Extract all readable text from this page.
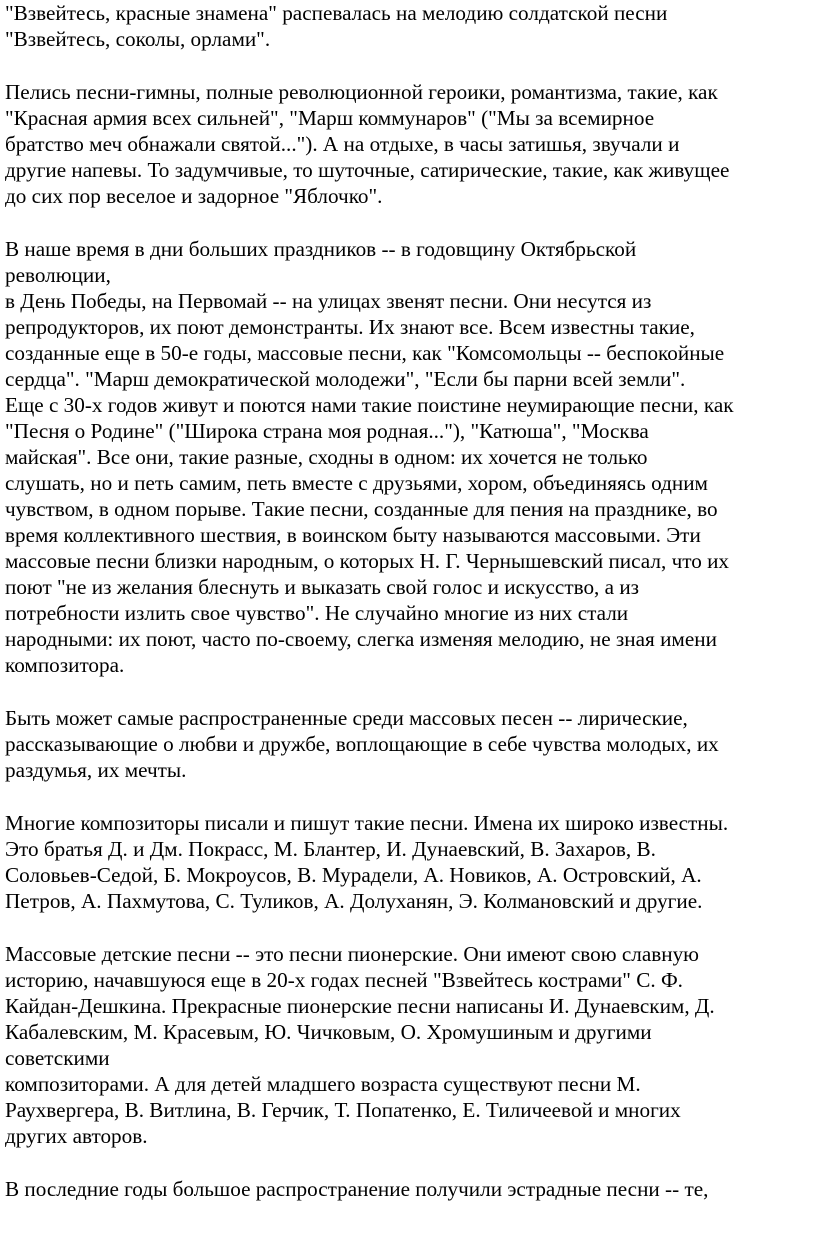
"Взвейтесь, красные знамена" распевалась на мелодию солдатской песни
"Взвейтесь, соколы, орлами".
Пелись песни-гимны, полные революционной героики, романтизма, такие, как
"Красная армия всех сильней", "Марш коммунаров" ("Мы за всемирное
братство меч обнажали святой..."). А на отдыхе, в часы затишья, звучали и
другие напевы. То задумчивые, то шуточные, сатирические, такие, как живущее
до сих пор веселое и задорное "Яблочко".
В наше время в дни больших праздников -- в годовщину Октябрьской
революции,
в День Победы, на Первомай -- на улицах звенят песни. Они несутся из
репродукторов, их поют демонстранты. Их знают все. Всем известны такие,
созданные еще в 50-е годы, массовые песни, как "Комсомольцы -- беспокойные
сердца". "Марш демократической молодежи", "Если бы парни всей земли".
Еще с 30-х годов живут и поются нами такие поистине неумирающие песни, как
"Песня о Родине" ("Широка страна моя родная..."), "Катюша", "Москва
майская". Все они, такие разные, сходны в одном: их хочется не только
слушать, но и петь самим, петь вместе с друзьями, хором, объединяясь одним
чувством, в одном порыве. Такие песни, созданные для пения на празднике, во
время коллективного шествия, в воинском быту называются массовыми. Эти
массовые песни близки народным, о которых Н. Г. Чернышевский писал, что их
поют "не из желания блеснуть и выказать свой голос и искусство, а из
потребности излить свое чувство". Не случайно многие из них стали
народными: их поют, часто по-своему, слегка изменяя мелодию, не зная имени
композитора.
Быть может самые распространенные среди массовых песен -- лирические,
рассказывающие о любви и дружбе, воплощающие в себе чувства молодых, их
раздумья, их мечты.
Многие композиторы писали и пишут такие песни. Имена их широко известны.
Это братья Д. и Дм. Покрасс, М. Блантер, И. Дунаевский, В. Захаров, В.
Соловьев-Седой, Б. Мокроусов, В. Мурадели, А. Новиков, А. Островский, А.
Петров, А. Пахмутова, С. Туликов, А. Долуханян, Э. Колмановский и другие.
Массовые детские песни -- это песни пионерские. Они имеют свою славную
историю, начавшуюся еще в 20-х годах песней "Взвейтесь кострами" С. Ф.
Кайдан-Дешкина. Прекрасные пионерские песни написаны И. Дунаевским, Д.
Кабалевским, М. Красевым, Ю. Чичковым, О. Хромушиным и другими
советскими
композиторами. А для детей младшего возраста существуют песни М.
Раухвергера, В. Витлина, В. Герчик, Т. Попатенко, Е. Тиличеевой и многих
других авторов.
В последние годы большое распространение получили эстрадные песни -- те,
